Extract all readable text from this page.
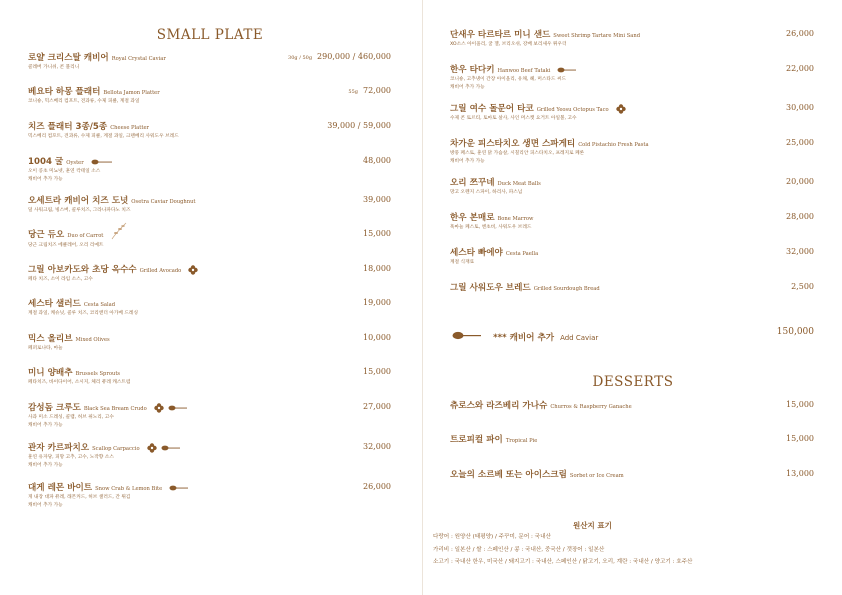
SMALL PLATE
로얄 크리스탈 캐비어 Royal Crystal Caviar
콜레버 가니쉬, 콘 블리니
30g / 50g 290,000 / 460,000
베요타 하몽 플래터 Bellota Jamon Platter
코니숑, 믹스베리 컴포트, 견과류, 수제 피클, 계절 과일
55g 72,000
치즈 플래터 3종/5종 Cheese Platter
믹스베리 컴포트, 견과류, 수제 피클, 계절 과일, 크랜베리 사워도우 브레드
39,000 / 59,000
1004 굴 Oyster
오이 콩초 미뇨넷, 훈연 칵테일 소스
캐비어 추가 가능
48,000
오세트라 캐비어 치즈 도넛 Osetra Caviar Doughnut
딜 사워크림, 빙스버, 콜루치즈, 그라나파다노 치즈
39,000
당근 듀오 Duo of Carrot
당근 크림치즈 에클레어, 오리 리예트
15,000
그릴 아보카도와 초당 옥수수 Grilled Avocado
페타 치즈, 소이 라임 소스, 고수
18,000
세스타 샐러드 Cesta Salad
계절 과일, 케슈넛, 콜루 치즈, 코리앤더 아가베 드레싱
19,000
믹스 올리브 Mixed Olives
페퍼로나타, 마늘
10,000
미니 양배추 Brussels Sprouts
페타치즈, 바이다이어, 소시지, 체리 퓨레 캐스트럼
15,000
감성돔 크루도 Black Sea Bream Crudo
사과 미소 드레싱, 콜랩, 허브 퓌노리, 고수
캐비어 추가 가능
27,000
관자 카르파치오 Scallop Carpaccio
훈연 유자당, 피망 고추, 고수, 노작향 소스
캐비어 추가 가능
32,000
대게 레몬 바이트 Snow Crab & Lemon Bite
게 내장 대파 퓨레, 래몬커드, 허브 샐러드, 간 튀김
캐비어 추가 가능
26,000
단새우 타르타르 미니 샌드 Sweet Shrimp Tartare Mini Sand
XO소스 아이올리, 굴 젤, 브리오쉬, 강배 보리새우 튀우더
26,000
한우 타다키 Hanwoo Beef Tataki
코니숑, 고추냉이 간장 아이올리, 유채, 헤, 머스타드 씨드
캐비어 추가 가능
22,000
그릴 여수 돌문어 타코 Grilled Yeosu Octopus Taco
수제 콘 토르티, 토마토 살사, 사인 머스캣 요거트 아일볼, 고수
30,000
차가운 피스타치오 생면 스파게티 Cold Pistachio Fresh Pasta
방풍 페스토, 훈연 닭 가슴살, 시칠리안 피스타치오, 프레지로 페론
캐비어 추가 가능
25,000
오리 쯔꾸네 Duck Meat Balls
망고 오렌지 스파이, 하리사, 파스닙
20,000
한우 본매로 Bone Marrow
흑마늘 페스토, 엔초비, 사워도우 브레드
28,000
세스타 빠에야 Cesta Paella
계절 식재료
32,000
그릴 사워도우 브레드 Grilled Sourdough Bread	2,500
DESSERTS
츄로스와 라즈베리 가나슈 Churros & Raspberry Ganache	15,000
트로피컬 파이 Tropical Pie	15,000
오늘의 소르베 또는 아이스크림 Sorbet or Ice Cream	13,000
*** 캐비어 추가 Add Caviar
150,000
원산지 표기
다랑어 : 원양산 (태평양) / 주꾸미, 문어 : 국내산
가리비 : 일본산 / 쌀 : 스페인산 / 콩 : 국내산, 중국산 / 갯장어 : 일본산
소고기 : 국내산 한우, 미국산 / 돼지고기 : 국내산, 스페인산 / 닭고기, 오리, 계란 : 국내산 / 양고기 : 호주산
